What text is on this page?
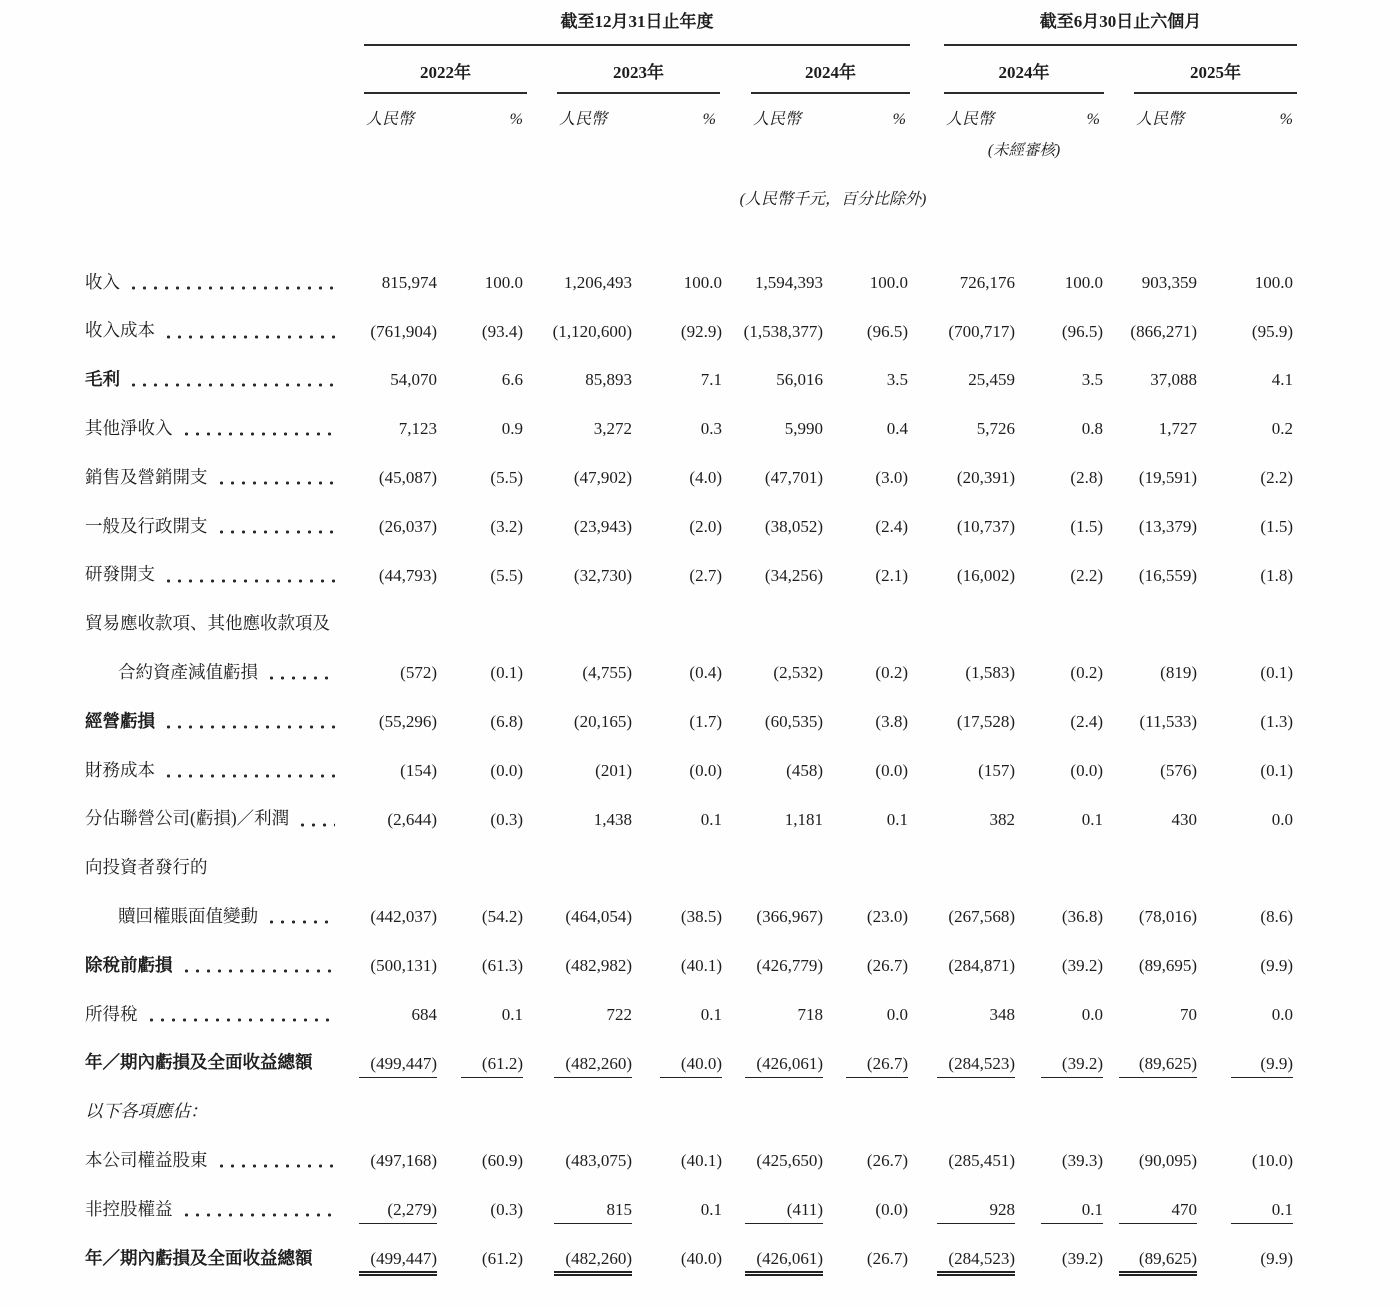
截至12月31日止年度	截至6月30日止六個月
2022年
人民幣	%
2023年
人民幣	%
2024年
人民幣	%
2024年
人民幣	%
2025年
人民幣	%
(未經審核)
(人民幣千元，百分比除外)
收入	815,974	100.0	1,206,493	100.0	1,594,393	100.0	726,176	100.0	903,359	100.0
收入成本	(761,904)	(93.4)	(1,120,600)	(92.9)	(1,538,377)	(96.5)	(700,717)	(96.5)	(866,271)	(95.9)
毛利	54,070	6.6	85,893	7.1	56,016	3.5	25,459	3.5	37,088	4.1
其他淨收入	7,123	0.9	3,272	0.3	5,990	0.4	5,726	0.8	1,727	0.2
銷售及營銷開支	(45,087)	(5.5)	(47,902)	(4.0)	(47,701)	(3.0)	(20,391)	(2.8)	(19,591)	(2.2)
一般及行政開支	(26,037)	(3.2)	(23,943)	(2.0)	(38,052)	(2.4)	(10,737)	(1.5)	(13,379)	(1.5)
研發開支	(44,793)	(5.5)	(32,730)	(2.7)	(34,256)	(2.1)	(16,002)	(2.2)	(16,559)	(1.8)
貿易應收款項、其他應收款項及
合約資產減值虧損	(572)	(0.1)	(4,755)	(0.4)	(2,532)	(0.2)	(1,583)	(0.2)	(819)	(0.1)
經營虧損	(55,296)	(6.8)	(20,165)	(1.7)	(60,535)	(3.8)	(17,528)	(2.4)	(11,533)	(1.3)
財務成本	(154)	(0.0)	(201)	(0.0)	(458)	(0.0)	(157)	(0.0)	(576)	(0.1)
分佔聯營公司(虧損)／利潤	(2,644)	(0.3)	1,438	0.1	1,181	0.1	382	0.1	430	0.0
向投資者發行的
贖回權賬面值變動	(442,037)	(54.2)	(464,054)	(38.5)	(366,967)	(23.0)	(267,568)	(36.8)	(78,016)	(8.6)
除稅前虧損	(500,131)	(61.3)	(482,982)	(40.1)	(426,779)	(26.7)	(284,871)	(39.2)	(89,695)	(9.9)
所得稅	684	0.1	722	0.1	718	0.0	348	0.0	70	0.0
年／期內虧損及全面收益總額	(499,447)	(61.2)	(482,260)	(40.0)	(426,061)	(26.7)	(284,523)	(39.2)	(89,625)	(9.9)
以下各項應佔：
本公司權益股東	(497,168)	(60.9)	(483,075)	(40.1)	(425,650)	(26.7)	(285,451)	(39.3)	(90,095)	(10.0)
非控股權益	(2,279)	(0.3)	815	0.1	(411)	(0.0)	928	0.1	470	0.1
年／期內虧損及全面收益總額	(499,447)	(61.2)	(482,260)	(40.0)	(426,061)	(26.7)	(284,523)	(39.2)	(89,625)	(9.9)
